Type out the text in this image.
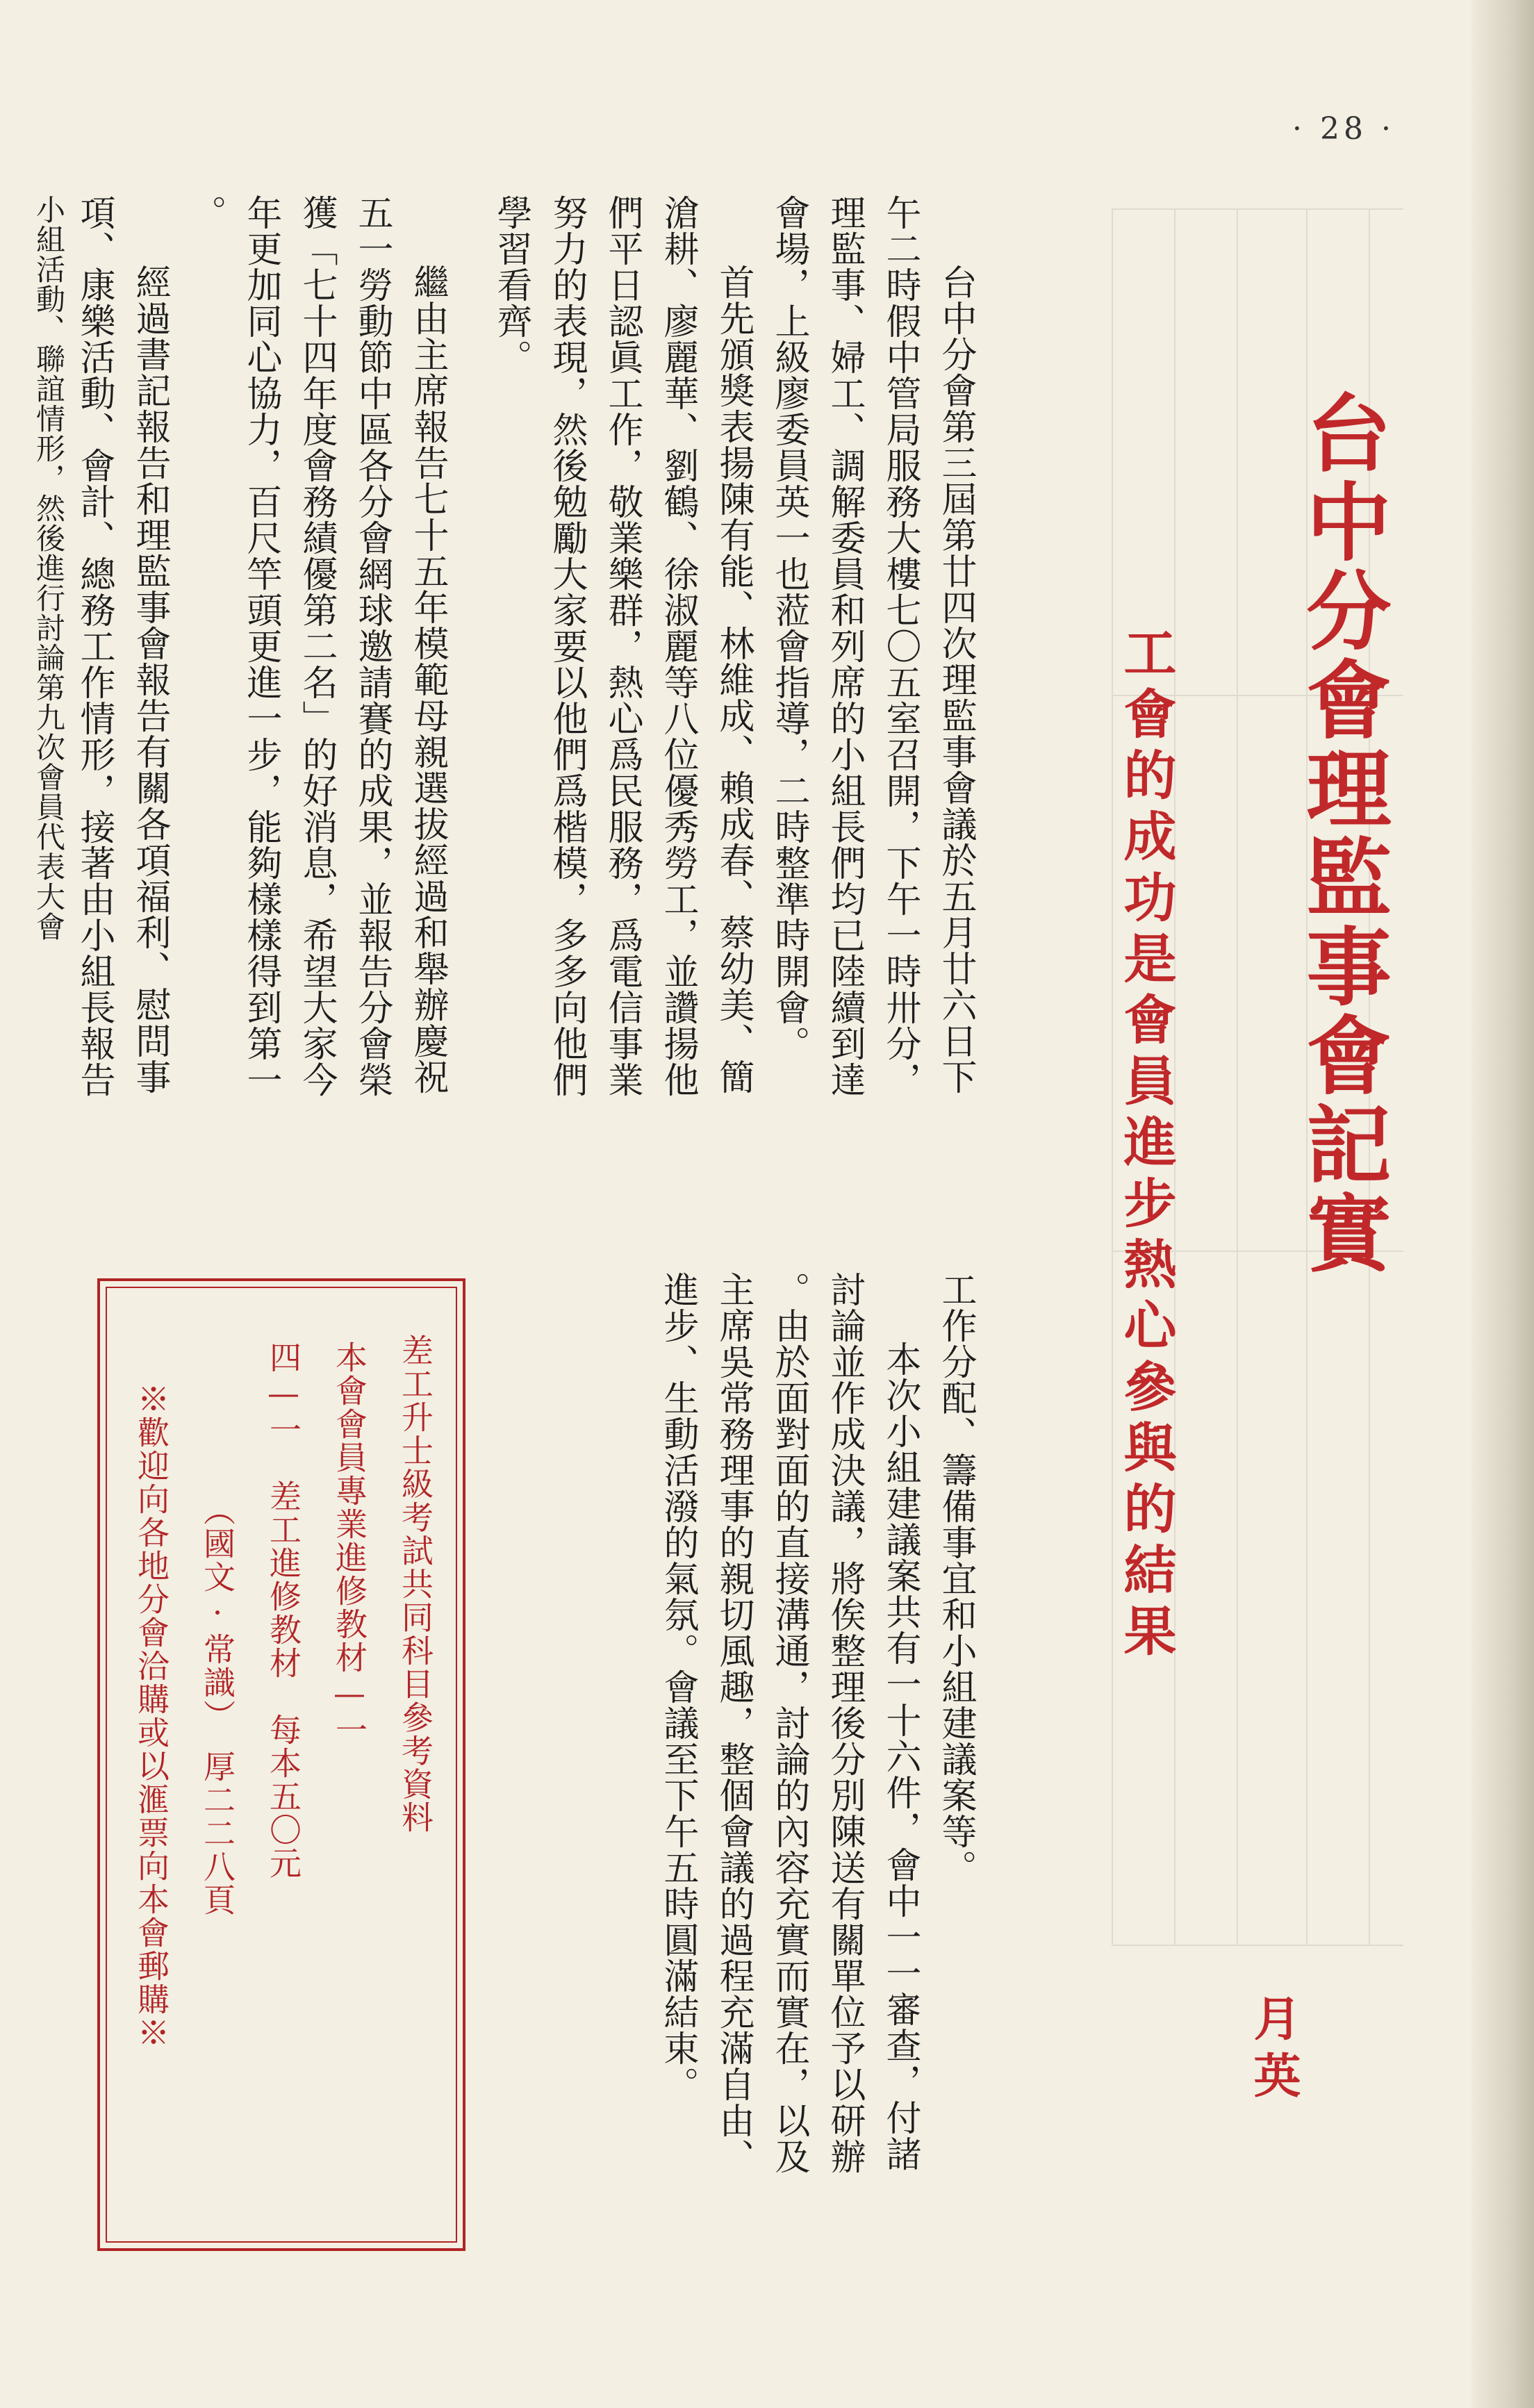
· 28 ·
台中分會理監事會記實
工會的成功是會員進步熱心參與的結果
月英
台中分會第三屆第廿四次理監事會議於五月廿六日下
午二時假中管局服務大樓七〇五室召開，下午一時卅分，
理監事、婦工、調解委員和列席的小組長們均已陸續到達
會場，上級廖委員英一也蒞會指導，二時整準時開會。
首先頒獎表揚陳有能、林維成、賴成春、蔡幼美、簡
滄耕、廖麗華、劉鶴、徐淑麗等八位優秀勞工，並讚揚他
們平日認眞工作，敬業樂群，熱心爲民服務，爲電信事業
努力的表現，然後勉勵大家要以他們爲楷模，多多向他們
學習看齊。
繼由主席報告七十五年模範母親選拔經過和舉辦慶祝
五一勞動節中區各分會網球邀請賽的成果，並報告分會榮
獲「七十四年度會務績優第二名」的好消息，希望大家今
年更加同心協力，百尺竿頭更進一步，能夠樣樣得到第一
。
經過書記報告和理監事會報告有關各項福利、慰問事
項、康樂活動、會計、總務工作情形，接著由小組長報告
小組活動、聯誼情形，然後進行討論第九次會員代表大會
工作分配、籌備事宜和小組建議案等。
本次小組建議案共有一十六件，會中一一審查，付諸
討論並作成決議，將俟整理後分別陳送有關單位予以研辦
。由於面對面的直接溝通，討論的內容充實而實在，以及
主席吳常務理事的親切風趣，整個會議的過程充滿自由、
進步、生動活潑的氣氛。會議至下午五時圓滿結束。
差工升士級考試共同科目參考資料
本會會員專業進修教材—一
四—一　差工進修教材　每本五〇元
（國文·常識）　厚二二八頁
※歡迎向各地分會洽購或以滙票向本會郵購※
